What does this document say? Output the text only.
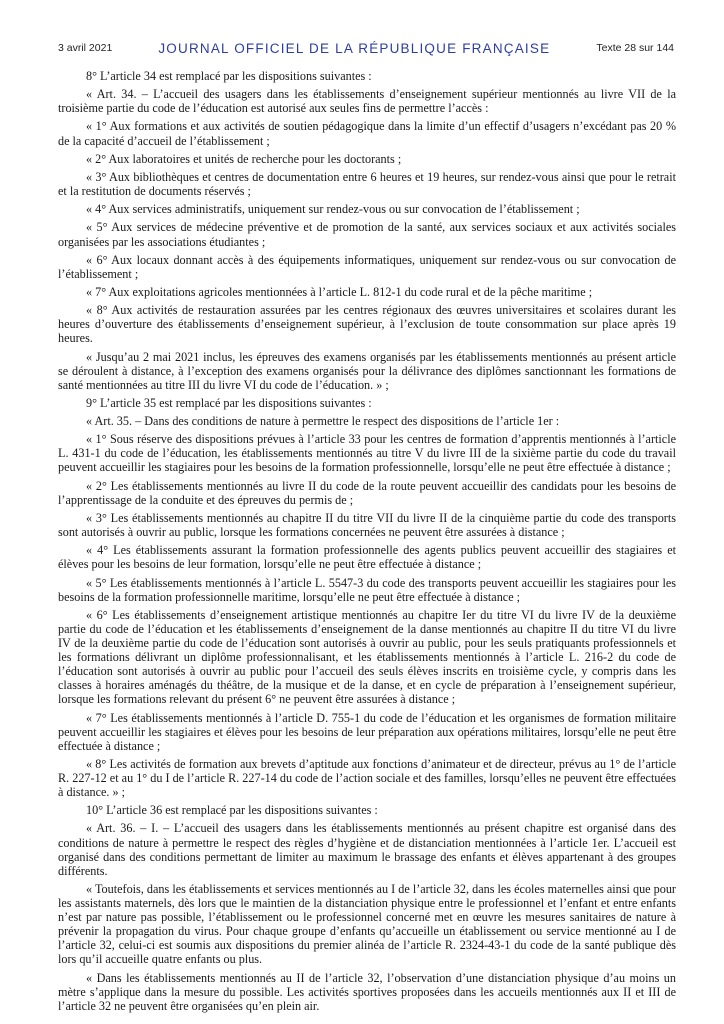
3 avril 2021	JOURNAL OFFICIEL DE LA RÉPUBLIQUE FRANÇAISE	Texte 28 sur 144

8° L’article 34 est remplacé par les dispositions suivantes :

« Art. 34. – L’accueil des usagers dans les établissements d’enseignement supérieur mentionnés au livre VII de la troisième partie du code de l’éducation est autorisé aux seules fins de permettre l’accès :

« 1° Aux formations et aux activités de soutien pédagogique dans la limite d’un effectif d’usagers n’excédant pas 20 % de la capacité d’accueil de l’établissement ;

« 2° Aux laboratoires et unités de recherche pour les doctorants ;

« 3° Aux bibliothèques et centres de documentation entre 6 heures et 19 heures, sur rendez-vous ainsi que pour le retrait et la restitution de documents réservés ;

« 4° Aux services administratifs, uniquement sur rendez-vous ou sur convocation de l’établissement ;

« 5° Aux services de médecine préventive et de promotion de la santé, aux services sociaux et aux activités sociales organisées par les associations étudiantes ;

« 6° Aux locaux donnant accès à des équipements informatiques, uniquement sur rendez-vous ou sur convocation de l’établissement ;

« 7° Aux exploitations agricoles mentionnées à l’article L. 812-1 du code rural et de la pêche maritime ;

« 8° Aux activités de restauration assurées par les centres régionaux des œuvres universitaires et scolaires durant les heures d’ouverture des établissements d’enseignement supérieur, à l’exclusion de toute consommation sur place après 19 heures.

« Jusqu’au 2 mai 2021 inclus, les épreuves des examens organisés par les établissements mentionnés au présent article se déroulent à distance, à l’exception des examens organisés pour la délivrance des diplômes sanctionnant les formations de santé mentionnées au titre III du livre VI du code de l’éducation. » ;

9° L’article 35 est remplacé par les dispositions suivantes :

« Art. 35. – Dans des conditions de nature à permettre le respect des dispositions de l’article 1er :

« 1° Sous réserve des dispositions prévues à l’article 33 pour les centres de formation d’apprentis mentionnés à l’article L. 431-1 du code de l’éducation, les établissements mentionnés au titre V du livre III de la sixième partie du code du travail peuvent accueillir les stagiaires pour les besoins de la formation professionnelle, lorsqu’elle ne peut être effectuée à distance ;

« 2° Les établissements mentionnés au livre II du code de la route peuvent accueillir des candidats pour les besoins de l’apprentissage de la conduite et des épreuves du permis de ;

« 3° Les établissements mentionnés au chapitre II du titre VII du livre II de la cinquième partie du code des transports sont autorisés à ouvrir au public, lorsque les formations concernées ne peuvent être assurées à distance ;

« 4° Les établissements assurant la formation professionnelle des agents publics peuvent accueillir des stagiaires et élèves pour les besoins de leur formation, lorsqu’elle ne peut être effectuée à distance ;

« 5° Les établissements mentionnés à l’article L. 5547-3 du code des transports peuvent accueillir les stagiaires pour les besoins de la formation professionnelle maritime, lorsqu’elle ne peut être effectuée à distance ;

« 6° Les établissements d’enseignement artistique mentionnés au chapitre Ier du titre VI du livre IV de la deuxième partie du code de l’éducation et les établissements d’enseignement de la danse mentionnés au chapitre II du titre VI du livre IV de la deuxième partie du code de l’éducation sont autorisés à ouvrir au public, pour les seuls pratiquants professionnels et les formations délivrant un diplôme professionnalisant, et les établissements mentionnés à l’article L. 216-2 du code de l’éducation sont autorisés à ouvrir au public pour l’accueil des seuls élèves inscrits en troisième cycle, y compris dans les classes à horaires aménagés du théâtre, de la musique et de la danse, et en cycle de préparation à l’enseignement supérieur, lorsque les formations relevant du présent 6° ne peuvent être assurées à distance ;

« 7° Les établissements mentionnés à l’article D. 755-1 du code de l’éducation et les organismes de formation militaire peuvent accueillir les stagiaires et élèves pour les besoins de leur préparation aux opérations militaires, lorsqu’elle ne peut être effectuée à distance ;

« 8° Les activités de formation aux brevets d’aptitude aux fonctions d’animateur et de directeur, prévus au 1° de l’article R. 227-12 et au 1° du I de l’article R. 227-14 du code de l’action sociale et des familles, lorsqu’elles ne peuvent être effectuées à distance. » ;

10° L’article 36 est remplacé par les dispositions suivantes :

« Art. 36. – I. – L’accueil des usagers dans les établissements mentionnés au présent chapitre est organisé dans des conditions de nature à permettre le respect des règles d’hygiène et de distanciation mentionnées à l’article 1er. L’accueil est organisé dans des conditions permettant de limiter au maximum le brassage des enfants et élèves appartenant à des groupes différents.

« Toutefois, dans les établissements et services mentionnés au I de l’article 32, dans les écoles maternelles ainsi que pour les assistants maternels, dès lors que le maintien de la distanciation physique entre le professionnel et l’enfant et entre enfants n’est par nature pas possible, l’établissement ou le professionnel concerné met en œuvre les mesures sanitaires de nature à prévenir la propagation du virus. Pour chaque groupe d’enfants qu’accueille un établissement ou service mentionné au I de l’article 32, celui-ci est soumis aux dispositions du premier alinéa de l’article R. 2324-43-1 du code de la santé publique dès lors qu’il accueille quatre enfants ou plus.

« Dans les établissements mentionnés au II de l’article 32, l’observation d’une distanciation physique d’au moins un mètre s’applique dans la mesure du possible. Les activités sportives proposées dans les accueils mentionnés aux II et III de l’article 32 ne peuvent être organisées qu’en plein air.
